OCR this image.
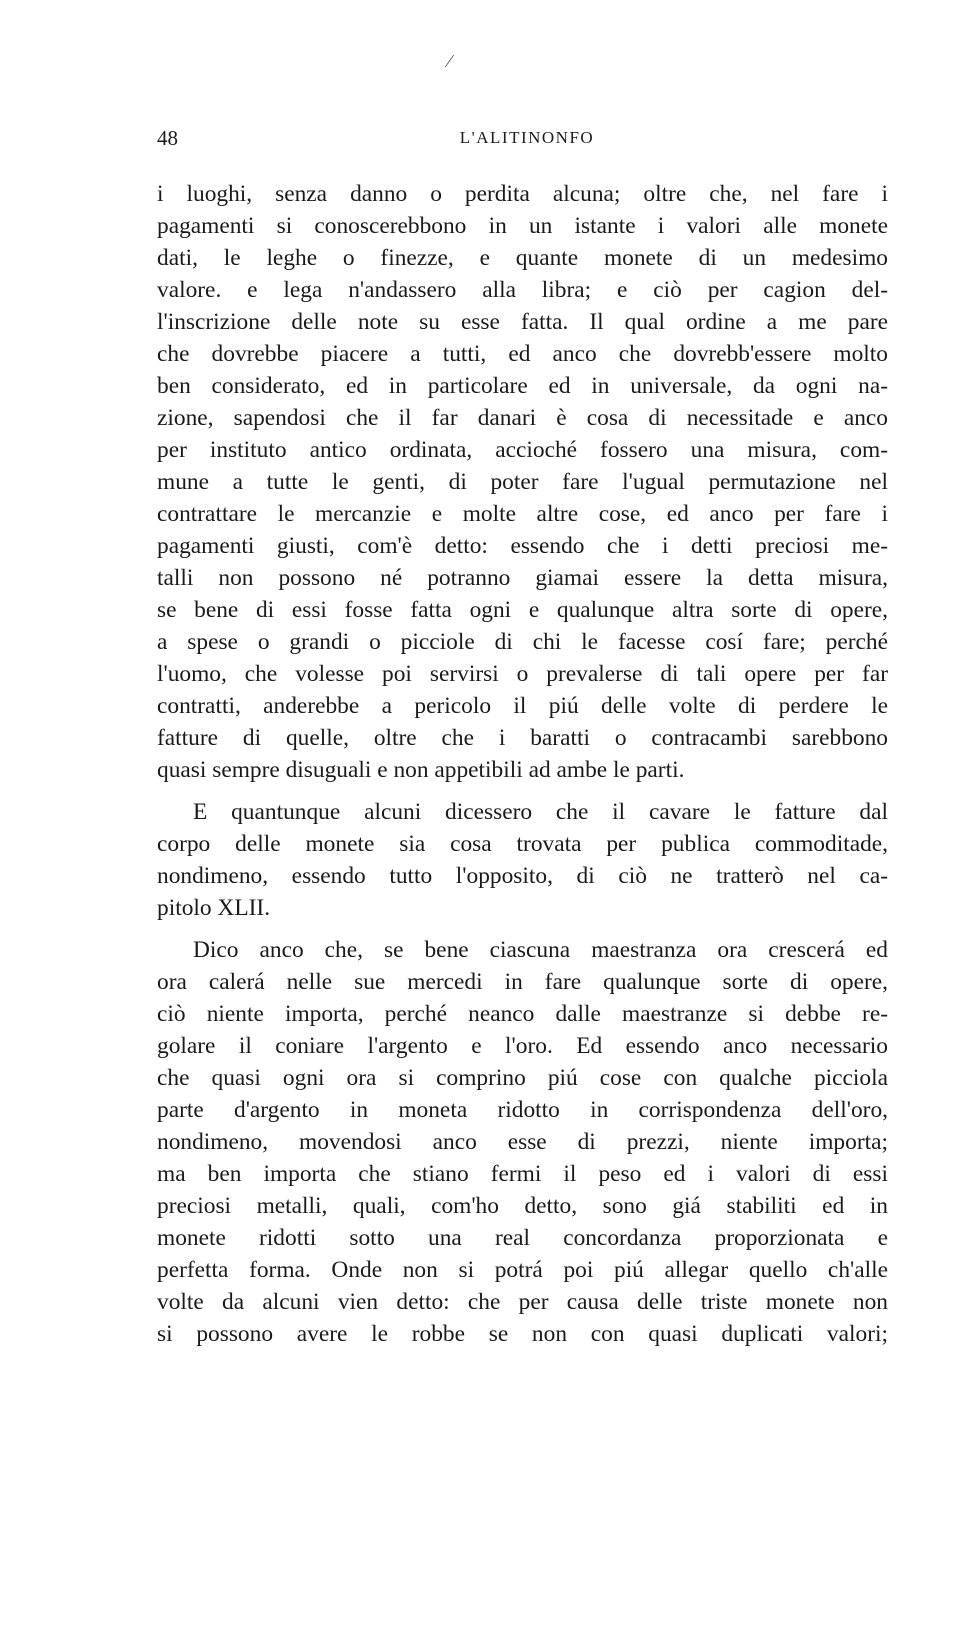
⁄
48	L'ALITINONFO
i luoghi, senza danno o perdita alcuna; oltre che, nel fare i
pagamenti si conoscerebbono in un istante i valori alle monete
dati, le leghe o finezze, e quante monete di un medesimo
valore. e lega n'andassero alla libra; e ciò per cagion del-
l'inscrizione delle note su esse fatta. Il qual ordine a me pare
che dovrebbe piacere a tutti, ed anco che dovrebb'essere molto
ben considerato, ed in particolare ed in universale, da ogni na-
zione, sapendosi che il far danari è cosa di necessitade e anco
per instituto antico ordinata, accioché fossero una misura, com-
mune a tutte le genti, di poter fare l'ugual permutazione nel
contrattare le mercanzie e molte altre cose, ed anco per fare i
pagamenti giusti, com'è detto: essendo che i detti preciosi me-
talli non possono né potranno giamai essere la detta misura,
se bene di essi fosse fatta ogni e qualunque altra sorte di opere,
a spese o grandi o picciole di chi le facesse cosí fare; perché
l'uomo, che volesse poi servirsi o prevalerse di tali opere per far
contratti, anderebbe a pericolo il piú delle volte di perdere le
fatture di quelle, oltre che i baratti o contracambi sarebbono
quasi sempre disuguali e non appetibili ad ambe le parti.
E quantunque alcuni dicessero che il cavare le fatture dal
corpo delle monete sia cosa trovata per publica commoditade,
nondimeno, essendo tutto l'opposito, di ciò ne tratterò nel ca-
pitolo XLII.
Dico anco che, se bene ciascuna maestranza ora crescerá ed
ora calerá nelle sue mercedi in fare qualunque sorte di opere,
ciò niente importa, perché neanco dalle maestranze si debbe re-
golare il coniare l'argento e l'oro. Ed essendo anco necessario
che quasi ogni ora si comprino piú cose con qualche picciola
parte d'argento in moneta ridotto in corrispondenza dell'oro,
nondimeno, movendosi anco esse di prezzi, niente importa;
ma ben importa che stiano fermi il peso ed i valori di essi
preciosi metalli, quali, com'ho detto, sono giá stabiliti ed in
monete ridotti sotto una real concordanza proporzionata e
perfetta forma. Onde non si potrá poi piú allegar quello ch'alle
volte da alcuni vien detto: che per causa delle triste monete non
si possono avere le robbe se non con quasi duplicati valori;
